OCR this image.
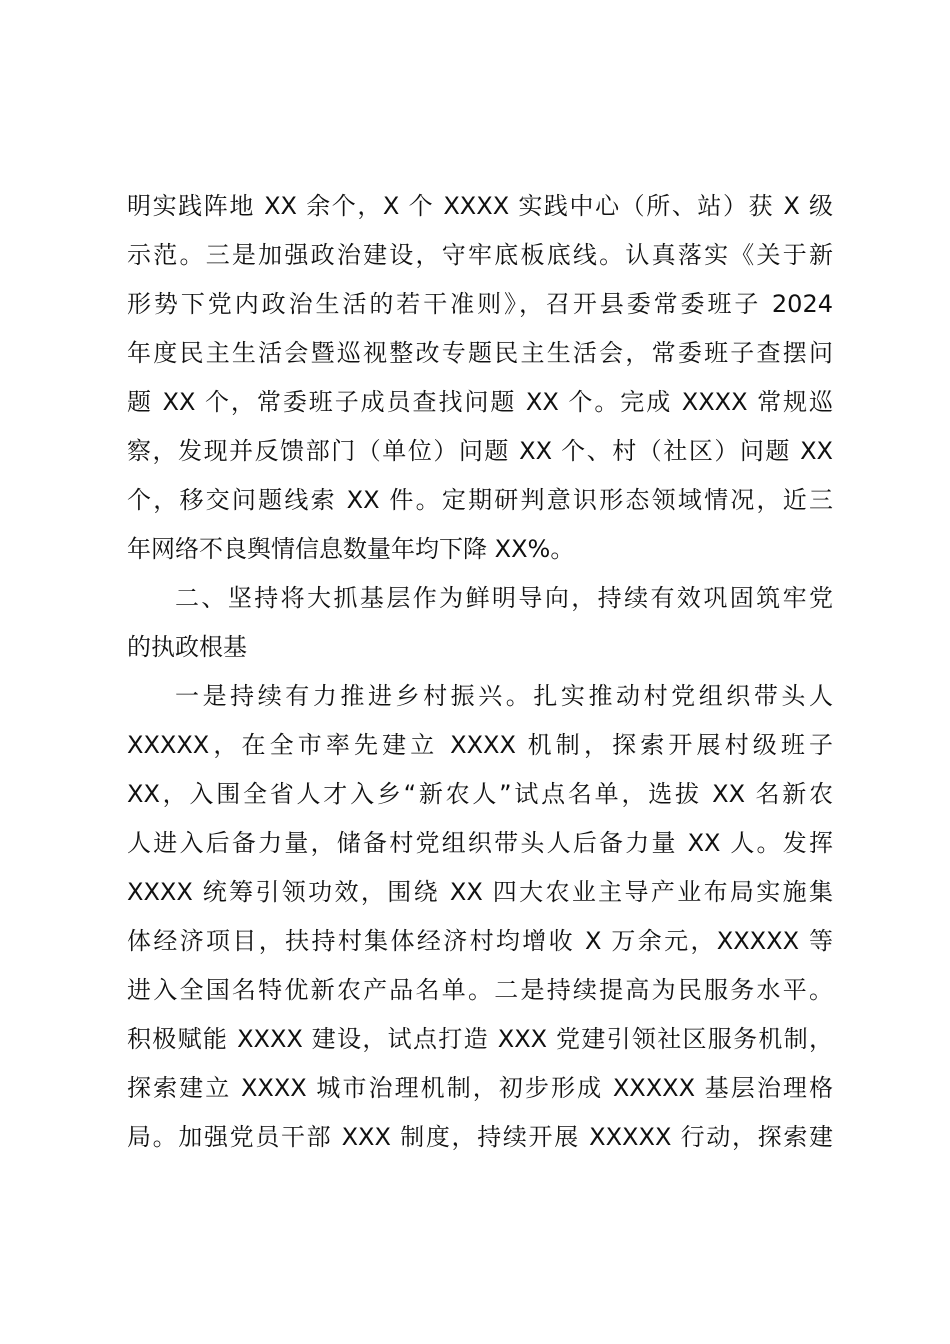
明实践阵地 XX 余个，X 个 XXXX 实践中心（所、站）获 X 级
示范。三是加强政治建设，守牢底板底线。认真落实《关于新
形势下党内政治生活的若干准则》，召开县委常委班子 2024
年度民主生活会暨巡视整改专题民主生活会，常委班子查摆问
题 XX 个，常委班子成员查找问题 XX 个。完成 XXXX 常规巡
察，发现并反馈部门（单位）问题 XX 个、村（社区）问题 XX
个，移交问题线索 XX 件。定期研判意识形态领域情况，近三
年网络不良舆情信息数量年均下降 XX%。
二、坚持将大抓基层作为鲜明导向，持续有效巩固筑牢党
的执政根基
一是持续有力推进乡村振兴。扎实推动村党组织带头人
XXXXX，在全市率先建立 XXXX 机制，探索开展村级班子
XX，入围全省人才入乡“新农人”试点名单，选拔 XX 名新农
人进入后备力量，储备村党组织带头人后备力量 XX 人。发挥
XXXX 统筹引领功效，围绕 XX 四大农业主导产业布局实施集
体经济项目，扶持村集体经济村均增收 X 万余元，XXXXX 等
进入全国名特优新农产品名单。二是持续提高为民服务水平。
积极赋能 XXXX 建设，试点打造 XXX 党建引领社区服务机制，
探索建立 XXXX 城市治理机制，初步形成 XXXXX 基层治理格
局。加强党员干部 XXX 制度，持续开展 XXXXX 行动，探索建
